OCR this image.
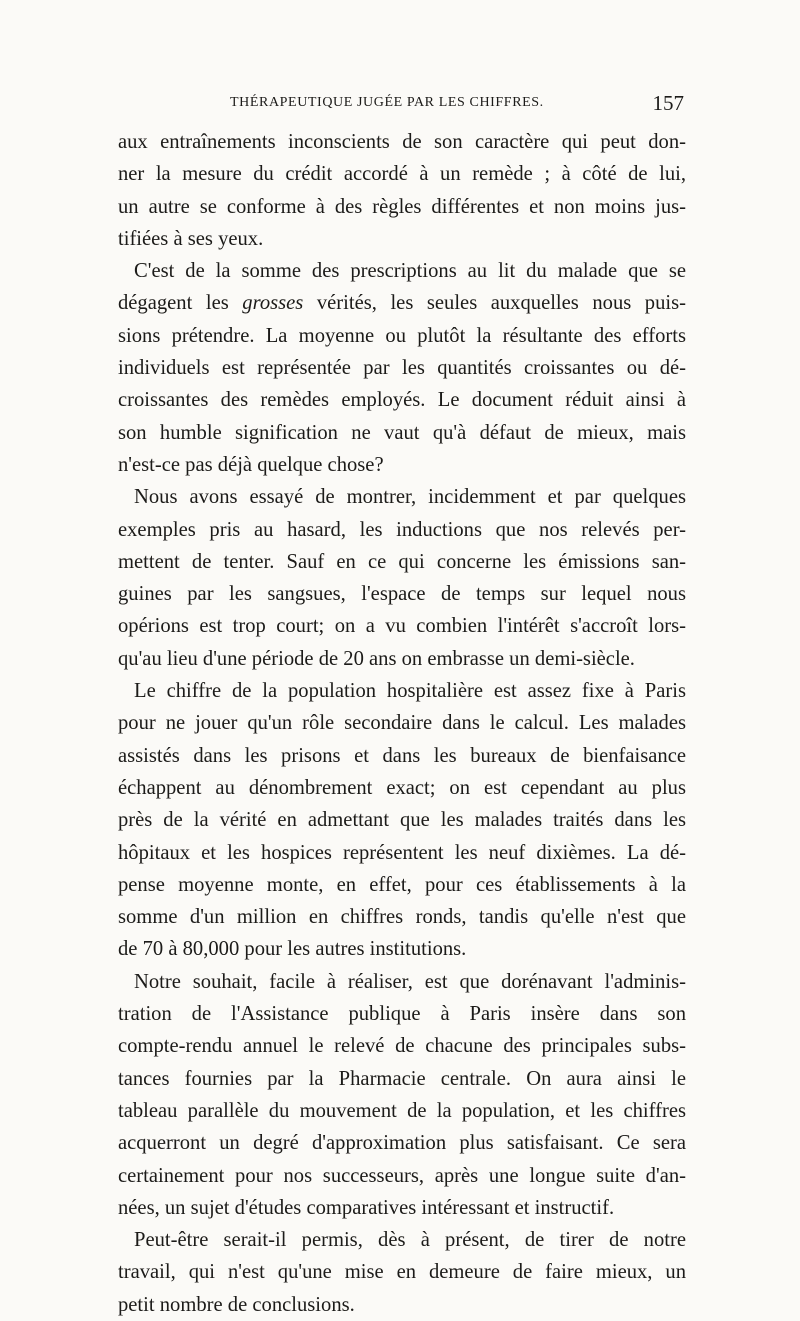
THÉRAPEUTIQUE JUGÉE PAR LES CHIFFRES.	157
aux entraînements inconscients de son caractère qui peut don-
ner la mesure du crédit accordé à un remède ; à côté de lui,
un autre se conforme à des règles différentes et non moins jus-
tifiées à ses yeux.
C'est de la somme des prescriptions au lit du malade que se
dégagent les grosses vérités, les seules auxquelles nous puis-
sions prétendre. La moyenne ou plutôt la résultante des efforts
individuels est représentée par les quantités croissantes ou dé-
croissantes des remèdes employés. Le document réduit ainsi à
son humble signification ne vaut qu'à défaut de mieux, mais
n'est-ce pas déjà quelque chose?
Nous avons essayé de montrer, incidemment et par quelques
exemples pris au hasard, les inductions que nos relevés per-
mettent de tenter. Sauf en ce qui concerne les émissions san-
guines par les sangsues, l'espace de temps sur lequel nous
opérions est trop court; on a vu combien l'intérêt s'accroît lors-
qu'au lieu d'une période de 20 ans on embrasse un demi-siècle.
Le chiffre de la population hospitalière est assez fixe à Paris
pour ne jouer qu'un rôle secondaire dans le calcul. Les malades
assistés dans les prisons et dans les bureaux de bienfaisance
échappent au dénombrement exact; on est cependant au plus
près de la vérité en admettant que les malades traités dans les
hôpitaux et les hospices représentent les neuf dixièmes. La dé-
pense moyenne monte, en effet, pour ces établissements à la
somme d'un million en chiffres ronds, tandis qu'elle n'est que
de 70 à 80,000 pour les autres institutions.
Notre souhait, facile à réaliser, est que dorénavant l'adminis-
tration de l'Assistance publique à Paris insère dans son
compte-rendu annuel le relevé de chacune des principales subs-
tances fournies par la Pharmacie centrale. On aura ainsi le
tableau parallèle du mouvement de la population, et les chiffres
acquerront un degré d'approximation plus satisfaisant. Ce sera
certainement pour nos successeurs, après une longue suite d'an-
nées, un sujet d'études comparatives intéressant et instructif.
Peut-être serait-il permis, dès à présent, de tirer de notre
travail, qui n'est qu'une mise en demeure de faire mieux, un
petit nombre de conclusions.
